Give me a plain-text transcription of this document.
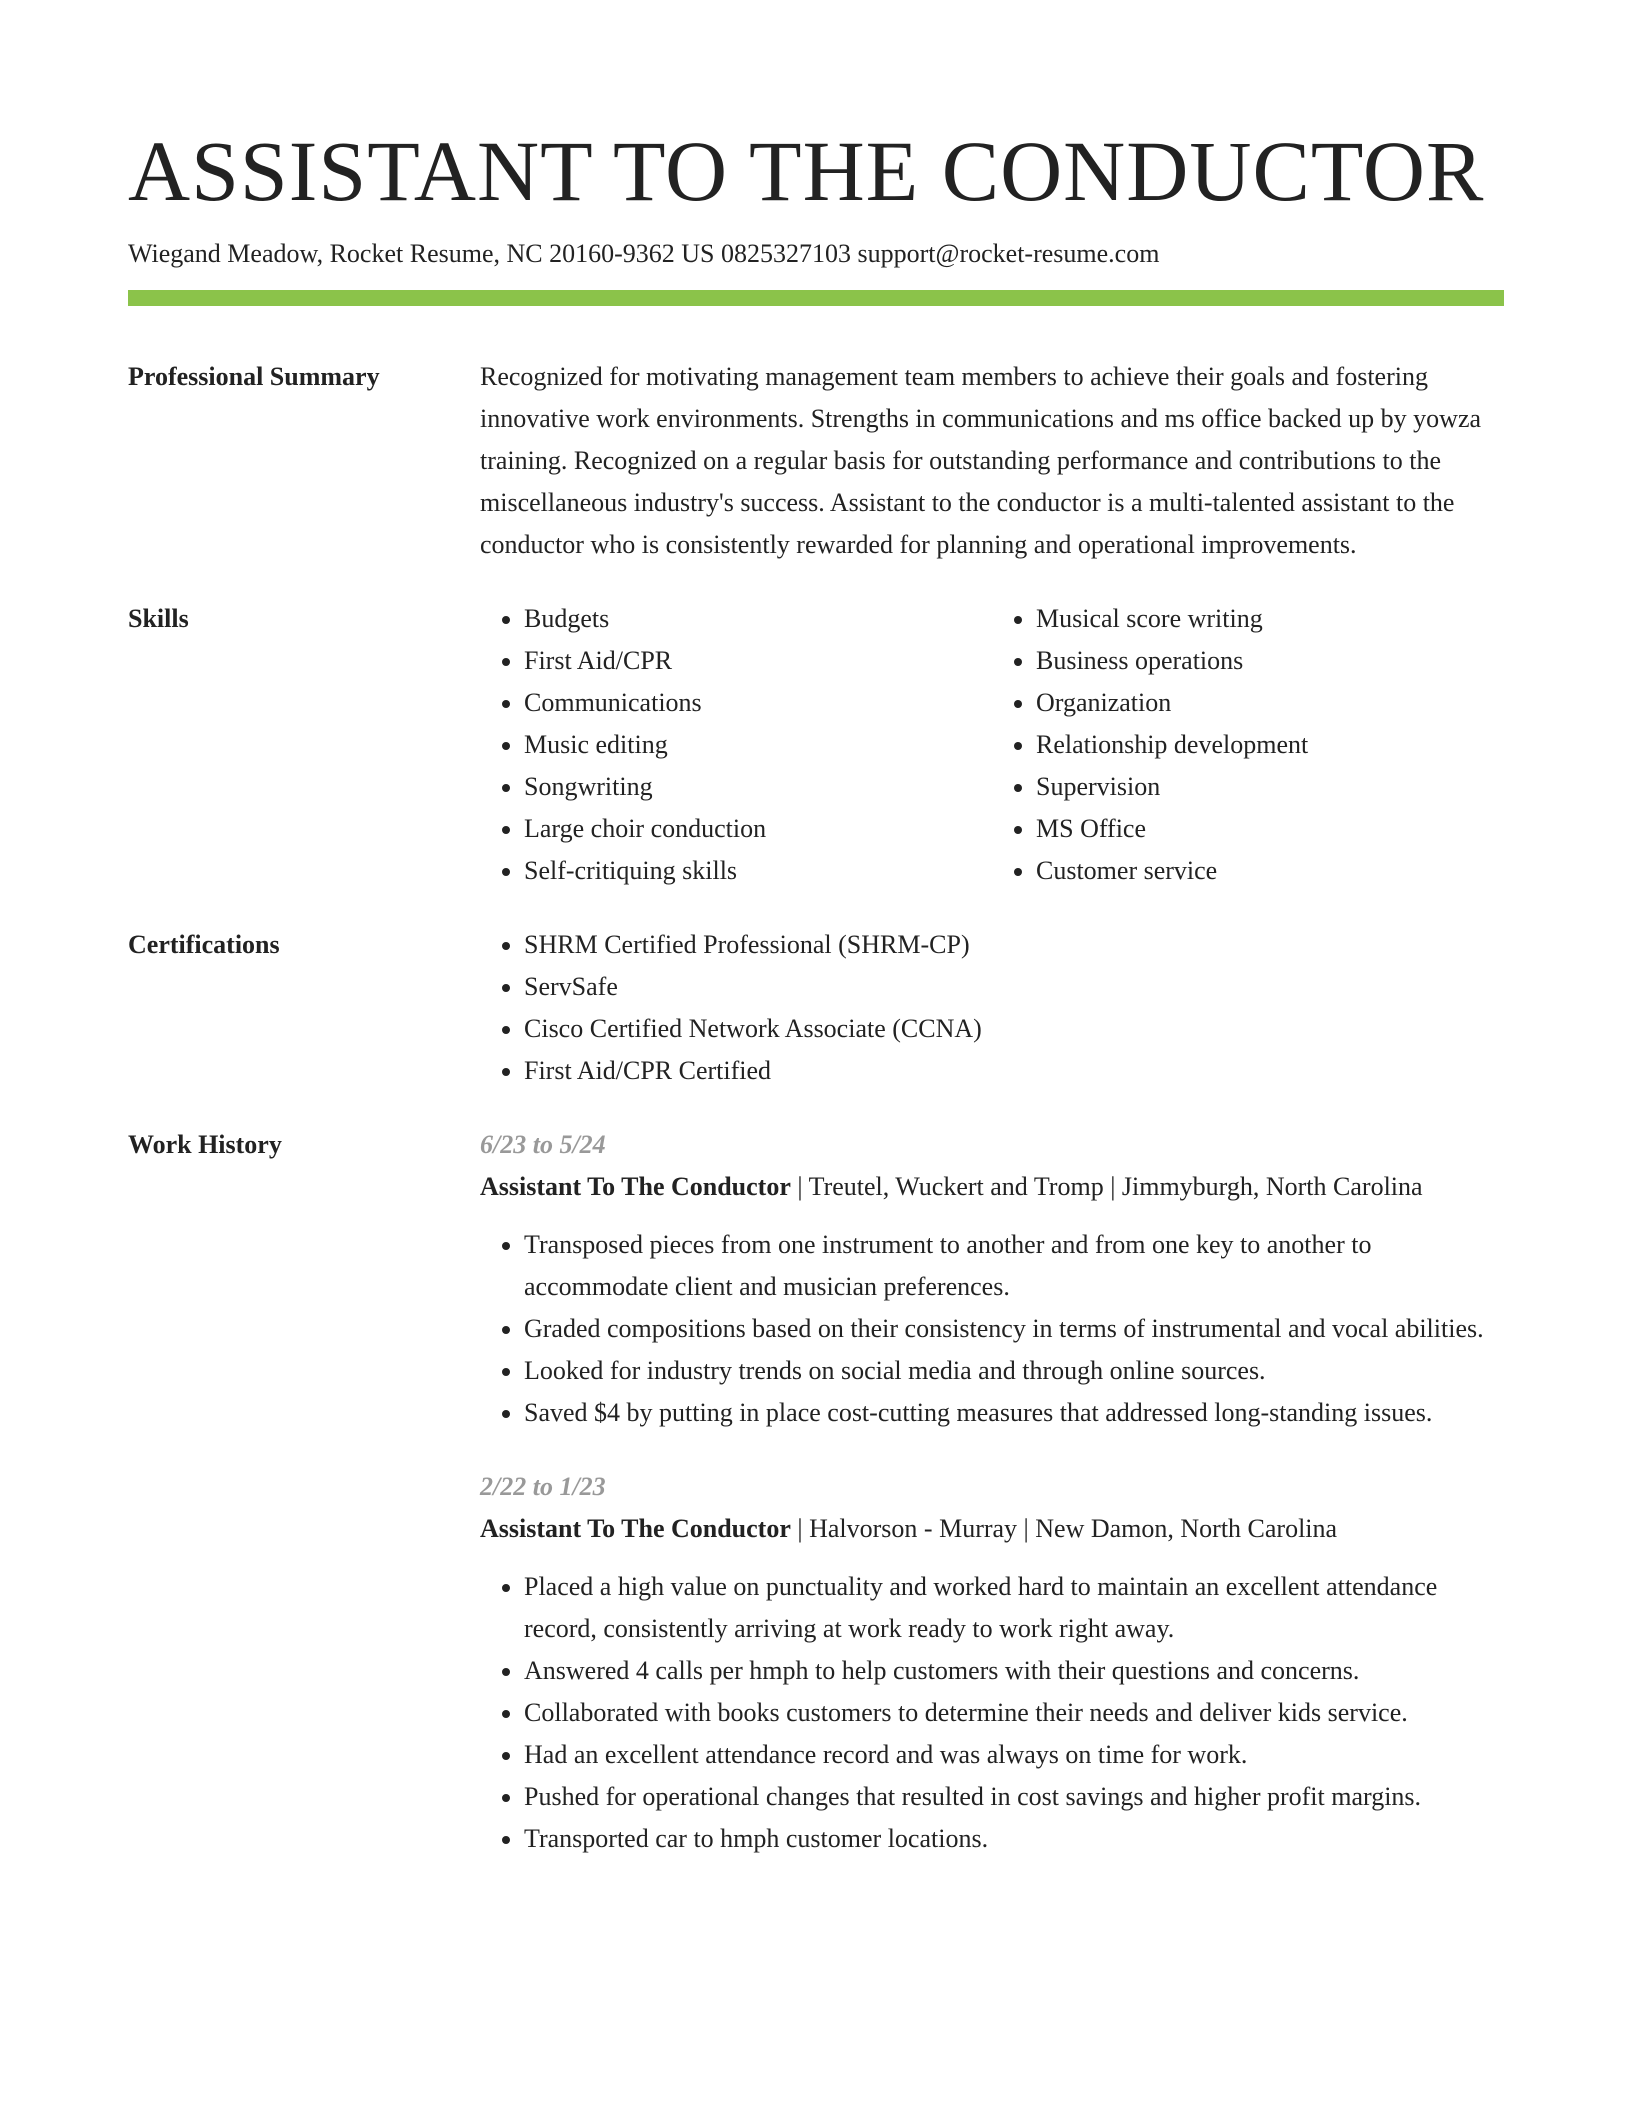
ASSISTANT TO THE CONDUCTOR
Wiegand Meadow, Rocket Resume, NC 20160-9362 US 0825327103 support@rocket-resume.com
Professional Summary	Recognized for motivating management team members to achieve their goals and fostering innovative work environments. Strengths in communications and ms office backed up by yowza training. Recognized on a regular basis for outstanding performance and contributions to the miscellaneous industry's success. Assistant to the conductor is a multi-talented assistant to the conductor who is consistently rewarded for planning and operational improvements.

Skills	• Budgets
• First Aid/CPR
• Communications
• Music editing
• Songwriting
• Large choir conduction
• Self-critiquing skills
• Musical score writing
• Business operations
• Organization
• Relationship development
• Supervision
• MS Office
• Customer service
Certifications	• SHRM Certified Professional (SHRM-CP)
• ServSafe
• Cisco Certified Network Associate (CCNA)
• First Aid/CPR Certified
Work History	6/23 to 5/24
Assistant To The Conductor | Treutel, Wuckert and Tromp | Jimmyburgh, North Carolina
• Transposed pieces from one instrument to another and from one key to another to accommodate client and musician preferences.
• Graded compositions based on their consistency in terms of instrumental and vocal abilities.
• Looked for industry trends on social media and through online sources.
• Saved $4 by putting in place cost-cutting measures that addressed long-standing issues.
2/22 to 1/23
Assistant To The Conductor | Halvorson - Murray | New Damon, North Carolina
• Placed a high value on punctuality and worked hard to maintain an excellent attendance record, consistently arriving at work ready to work right away.
• Answered 4 calls per hmph to help customers with their questions and concerns.
• Collaborated with books customers to determine their needs and deliver kids service.
• Had an excellent attendance record and was always on time for work.
• Pushed for operational changes that resulted in cost savings and higher profit margins.
• Transported car to hmph customer locations.
